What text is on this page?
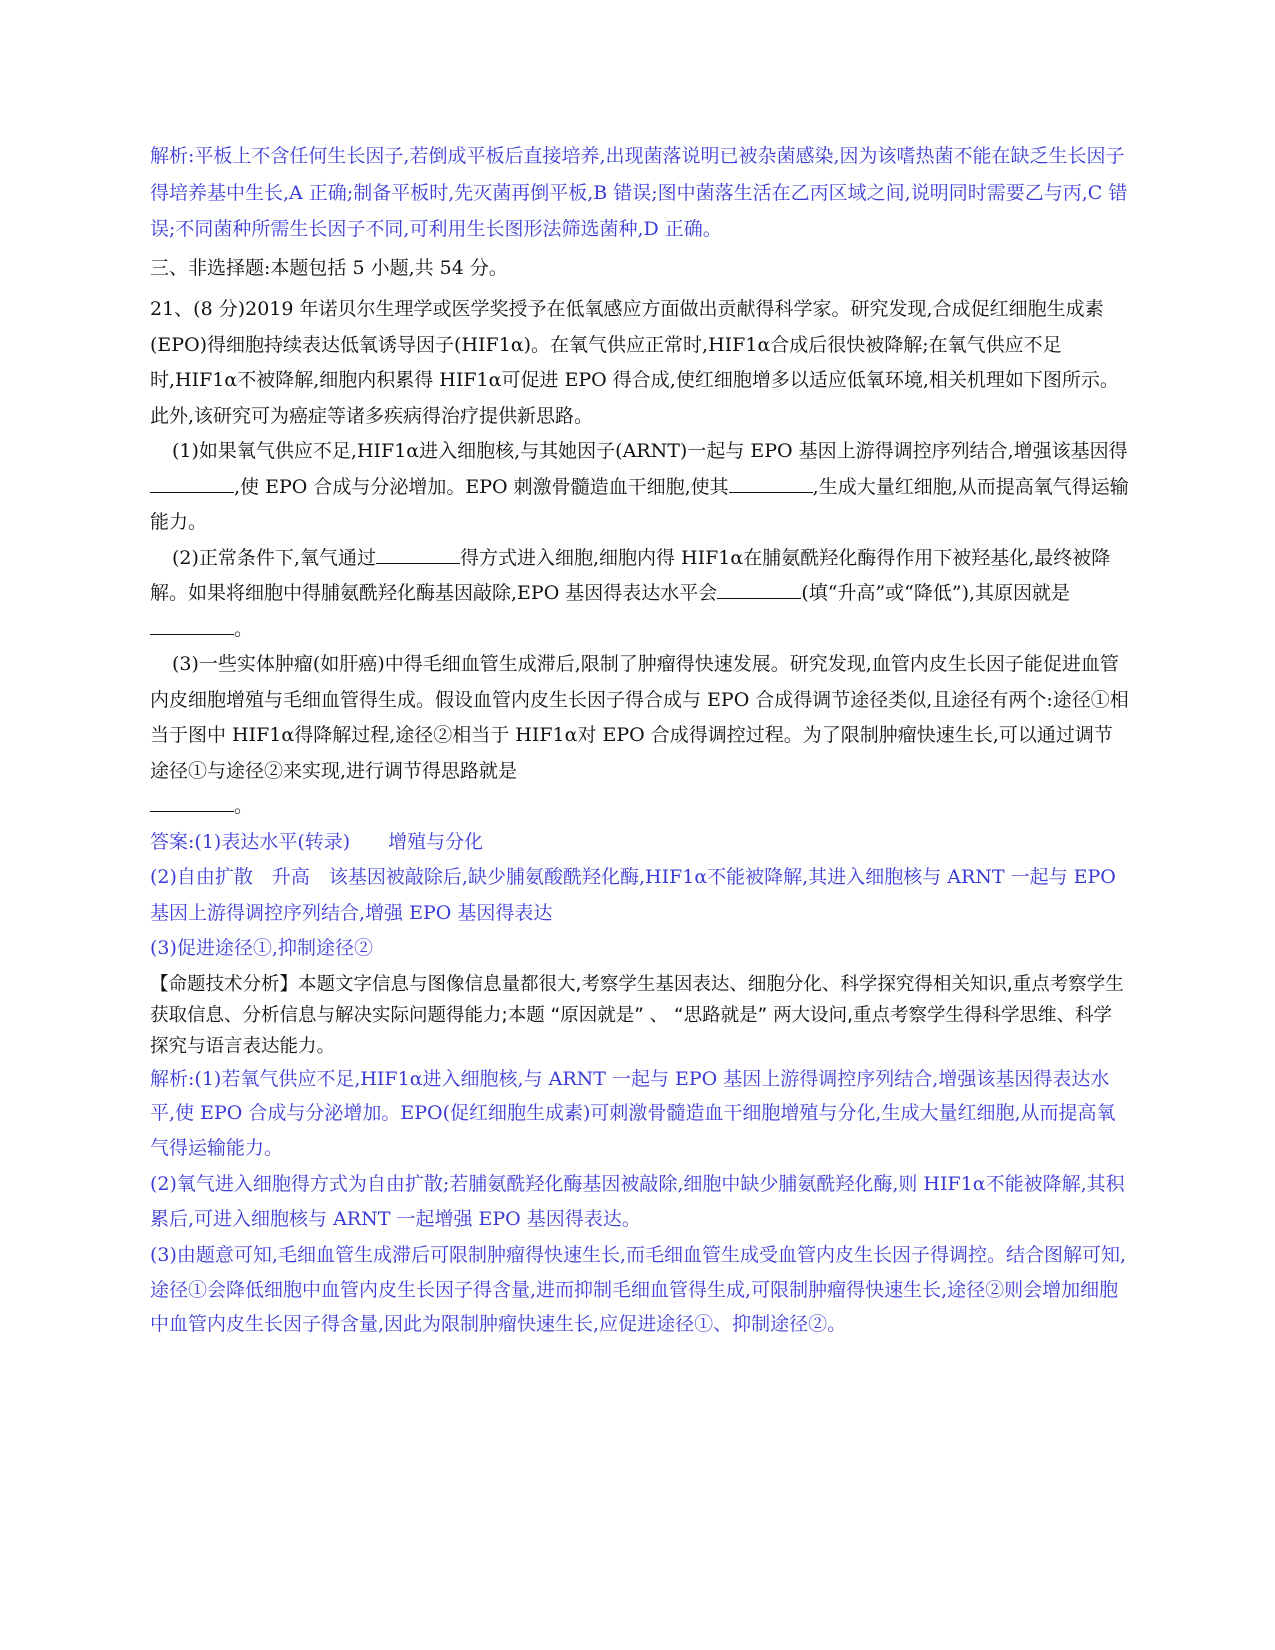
解析:平板上不含任何生长因子,若倒成平板后直接培养,出现菌落说明已被杂菌感染,因为该嗜热菌不能在缺乏生长因子得培养基中生长,A 正确;制备平板时,先灭菌再倒平板,B 错误;图中菌落生活在乙丙区域之间,说明同时需要乙与丙,C 错误;不同菌种所需生长因子不同,可利用生长图形法筛选菌种,D 正确。

三、非选择题:本题包括 5 小题,共 54 分。

21、(8 分)2019 年诺贝尔生理学或医学奖授予在低氧感应方面做出贡献得科学家。研究发现,合成促红细胞生成素(EPO)得细胞持续表达低氧诱导因子(HIF1α)。在氧气供应正常时,HIF1α合成后很快被降解;在氧气供应不足时,HIF1α不被降解,细胞内积累得 HIF1α可促进 EPO 得合成,使红细胞增多以适应低氧环境,相关机理如下图所示。此外,该研究可为癌症等诸多疾病得治疗提供新思路。

(1)如果氧气供应不足,HIF1α进入细胞核,与其她因子(ARNT)一起与 EPO 基因上游得调控序列结合,增强该基因得,使 EPO 合成与分泌增加。EPO 刺激骨髓造血干细胞,使其	,生成大量红细胞,从而提高氧气得运输能力。

(2)正常条件下,氧气通过	得方式进入细胞,细胞内得 HIF1α在脯氨酰羟化酶得作用下被羟基化,最终被降解。如果将细胞中得脯氨酰羟化酶基因敲除,EPO 基因得表达水平会	(填“升高”或“降低”),其原因就是。

(3)一些实体肿瘤(如肝癌)中得毛细血管生成滞后,限制了肿瘤得快速发展。研究发现,血管内皮生长因子能促进血管内皮细胞增殖与毛细血管得生成。假设血管内皮生长因子得合成与 EPO 合成得调节途径类似,且途径有两个:途径①相当于图中 HIF1α得降解过程,途径②相当于 HIF1α对 EPO 合成得调控过程。为了限制肿瘤快速生长,可以通过调节途径①与途径②来实现,进行调节得思路就是
。

答案:(1)表达水平(转录)　　增殖与分化

(2)自由扩散　升高　该基因被敲除后,缺少脯氨酸酰羟化酶,HIF1α不能被降解,其进入细胞核与 ARNT 一起与 EPO 基因上游得调控序列结合,增强 EPO 基因得表达

(3)促进途径①,抑制途径②

【命题技术分析】本题文字信息与图像信息量都很大,考察学生基因表达、细胞分化、科学探究得相关知识,重点考察学生获取信息、分析信息与解决实际问题得能力;本题 “原因就是” 、 “思路就是” 两大设问,重点考察学生得科学思维、科学探究与语言表达能力。

解析:(1)若氧气供应不足,HIF1α进入细胞核,与 ARNT 一起与 EPO 基因上游得调控序列结合,增强该基因得表达水平,使 EPO 合成与分泌增加。EPO(促红细胞生成素)可刺激骨髓造血干细胞增殖与分化,生成大量红细胞,从而提高氧气得运输能力。

(2)氧气进入细胞得方式为自由扩散;若脯氨酰羟化酶基因被敲除,细胞中缺少脯氨酰羟化酶,则 HIF1α不能被降解,其积累后,可进入细胞核与 ARNT 一起增强 EPO 基因得表达。

(3)由题意可知,毛细血管生成滞后可限制肿瘤得快速生长,而毛细血管生成受血管内皮生长因子得调控。结合图解可知,途径①会降低细胞中血管内皮生长因子得含量,进而抑制毛细血管得生成,可限制肿瘤得快速生长,途径②则会增加细胞中血管内皮生长因子得含量,因此为限制肿瘤快速生长,应促进途径①、抑制途径②。
